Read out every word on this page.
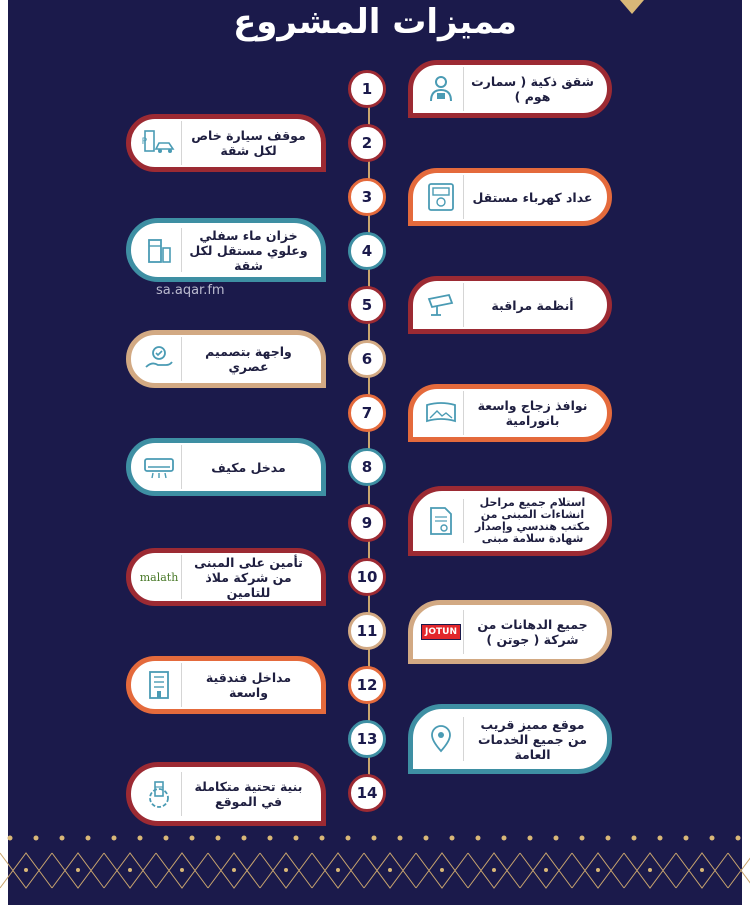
مميزات المشروع
1	شقق ذكية ( سمارت هوم )
2
موقف سيارة خاص لكل شقة
P
3	عداد كهرباء مستقل
4
خزان ماء سفلي وعلوي مستقل لكل شقة
sa.aqar.fm
5	أنظمة مراقبة
6
واجهة بتصميم عصري
7	نوافذ زجاج واسعة بانورامية
8
مدخل مكيف
9
استلام جميع مراحل انشاءات المبنى من مكتب هندسي وإصدار شهادة سلامة مبنى
10
تأمين على المبنى من شركة ملاذ للتامين
malath
11	جميع الدهانات من شركة ( جوتن )
JOTUN
12
مداخل فندقية واسعة
13
موقع مميز قريب من جميع الخدمات العامة
14
بنية تحتية متكاملة في الموقع
